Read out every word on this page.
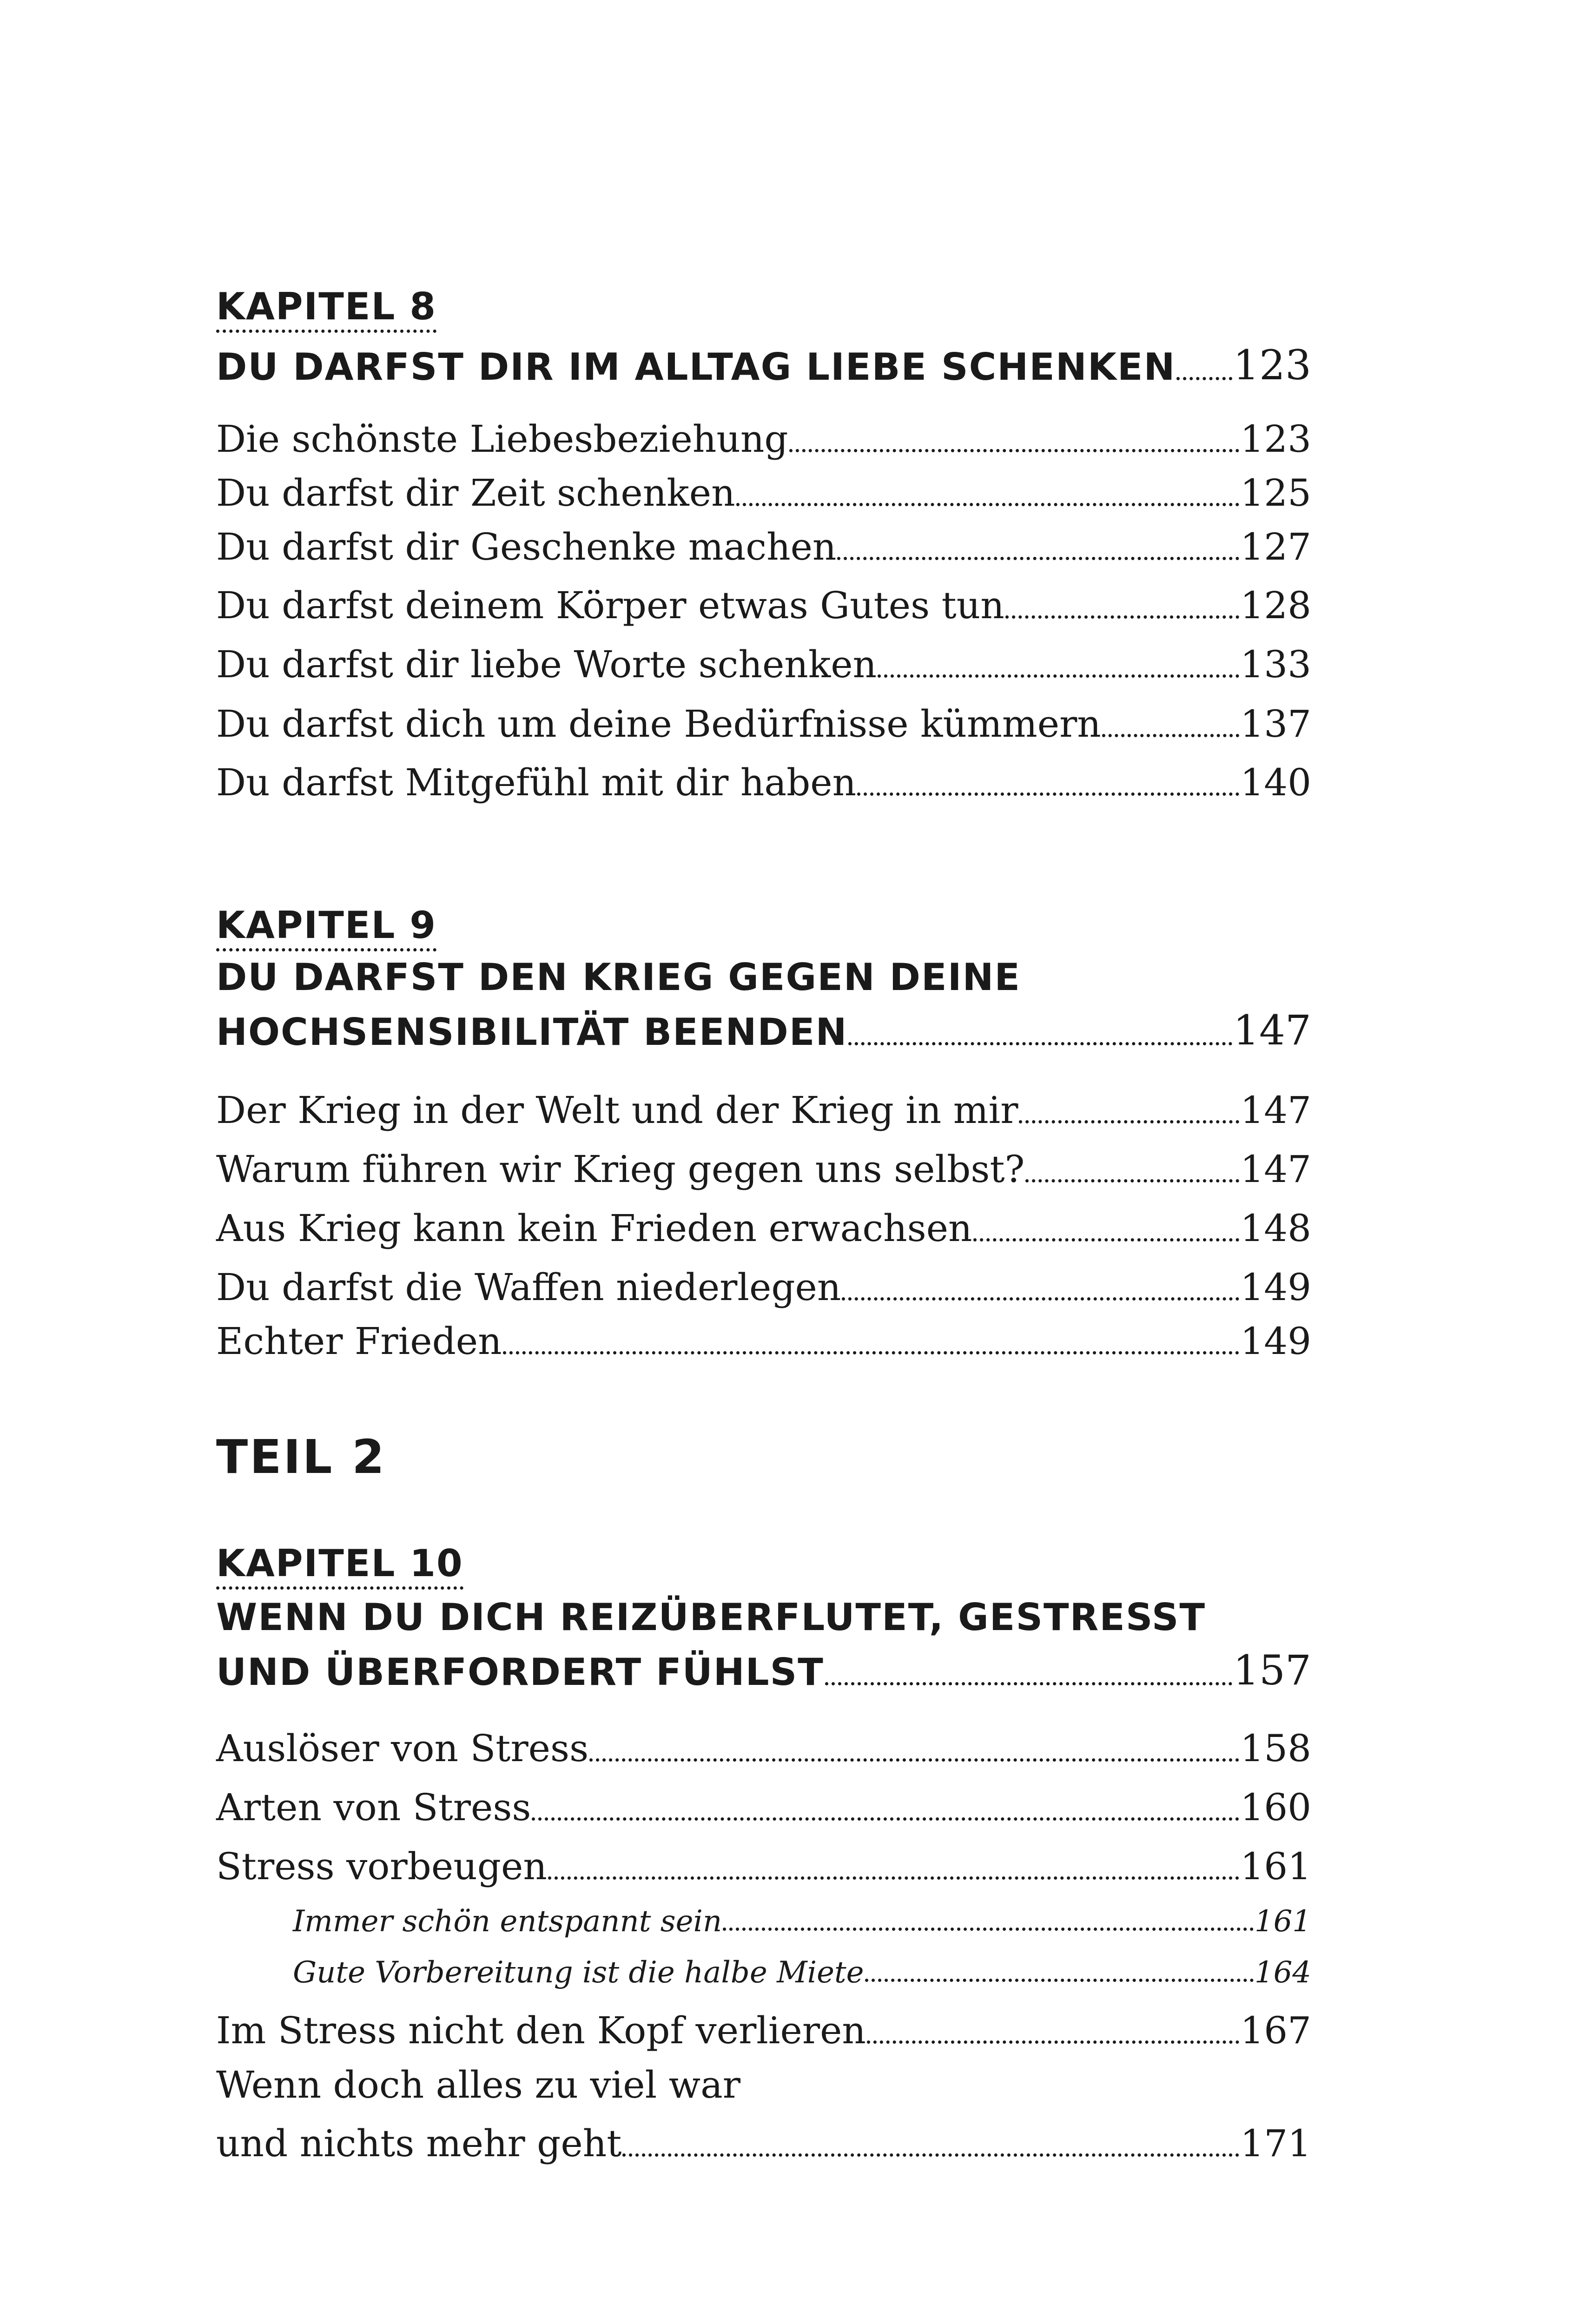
KAPITEL 8
DU DARFST DIR IM ALLTAG LIEBE SCHENKEN 123
Die schönste Liebesbeziehung	123
Du darfst dir Zeit schenken	125
Du darfst dir Geschenke machen	127
Du darfst deinem Körper etwas Gutes tun	128
Du darfst dir liebe Worte schenken	133
Du darfst dich um deine Bedürfnisse kümmern	137
Du darfst Mitgefühl mit dir haben	140
KAPITEL 9
DU DARFST DEN KRIEG GEGEN DEINE
HOCHSENSIBILITÄT BEENDEN	147
Der Krieg in der Welt und der Krieg in mir	147
Warum führen wir Krieg gegen uns selbst?	147
Aus Krieg kann kein Frieden erwachsen	148
Du darfst die Waffen niederlegen	149
Echter Frieden	149
TEIL 2
KAPITEL 10
WENN DU DICH REIZÜBERFLUTET, GESTRESST
UND ÜBERFORDERT FÜHLST	157
Auslöser von Stress	158
Arten von Stress	160
Stress vorbeugen	161
Immer schön entspannt sein	161
Gute Vorbereitung ist die halbe Miete	164
Im Stress nicht den Kopf verlieren	167
Wenn doch alles zu viel war
und nichts mehr geht	171
